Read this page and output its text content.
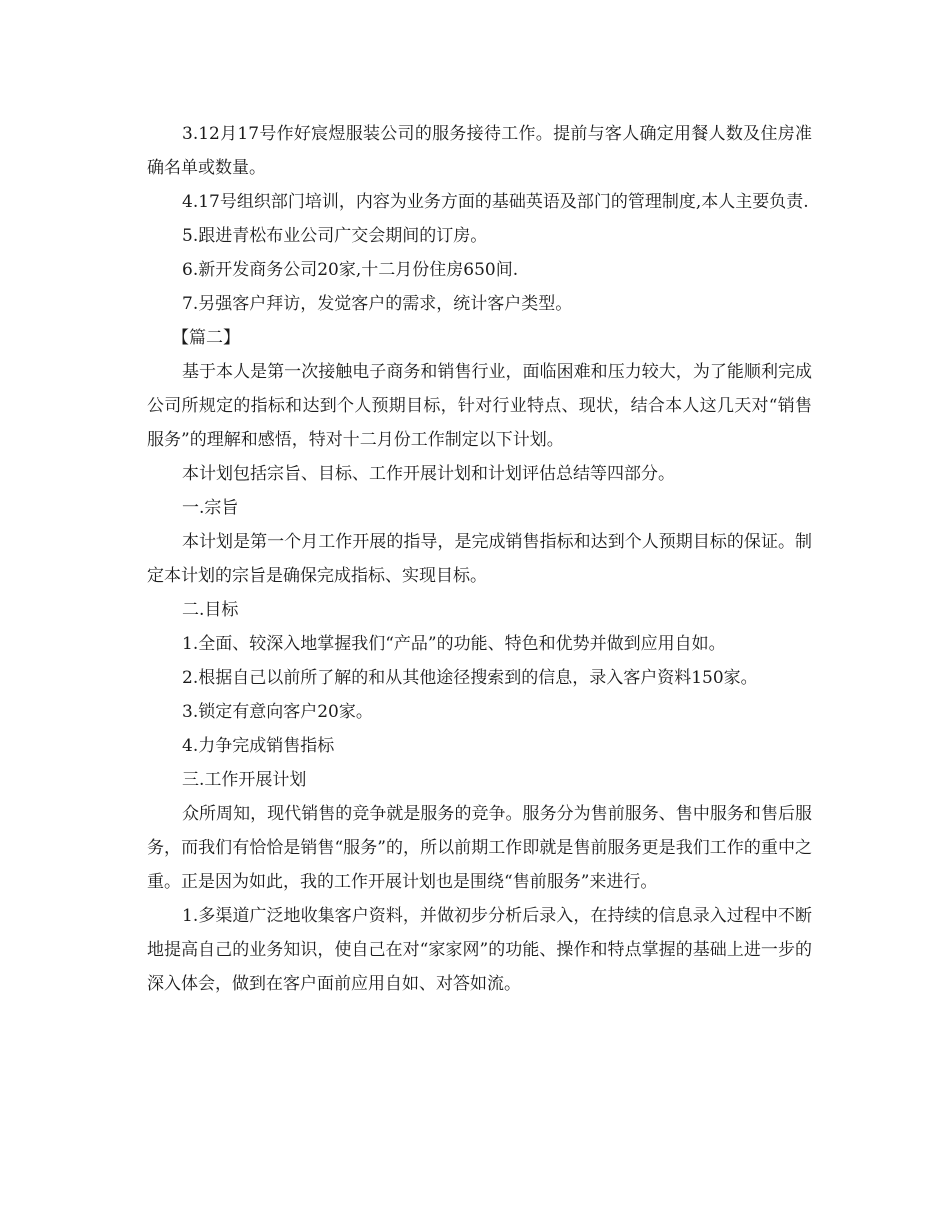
3.12月17号作好宸煜服装公司的服务接待工作。提前与客人确定用餐人数及住房准确名单或数量。

4.17号组织部门培训，内容为业务方面的基础英语及部门的管理制度,本人主要负责.

5.跟进青松布业公司广交会期间的订房。

6.新开发商务公司20家,十二月份住房650间.

7.另强客户拜访，发觉客户的需求，统计客户类型。

【篇二】

基于本人是第一次接触电子商务和销售行业，面临困难和压力较大，为了能顺利完成公司所规定的指标和达到个人预期目标，针对行业特点、现状，结合本人这几天对“销售服务”的理解和感悟，特对十二月份工作制定以下计划。

本计划包括宗旨、目标、工作开展计划和计划评估总结等四部分。

一.宗旨

本计划是第一个月工作开展的指导，是完成销售指标和达到个人预期目标的保证。制定本计划的宗旨是确保完成指标、实现目标。

二.目标

1.全面、较深入地掌握我们“产品”的功能、特色和优势并做到应用自如。

2.根据自己以前所了解的和从其他途径搜索到的信息，录入客户资料150家。

3.锁定有意向客户20家。

4.力争完成销售指标

三.工作开展计划

众所周知，现代销售的竞争就是服务的竞争。服务分为售前服务、售中服务和售后服务，而我们有恰恰是销售“服务”的，所以前期工作即就是售前服务更是我们工作的重中之重。正是因为如此，我的工作开展计划也是围绕“售前服务”来进行。

1.多渠道广泛地收集客户资料，并做初步分析后录入，在持续的信息录入过程中不断地提高自己的业务知识，使自己在对“家家网”的功能、操作和特点掌握的基础上进一步的深入体会，做到在客户面前应用自如、对答如流。
